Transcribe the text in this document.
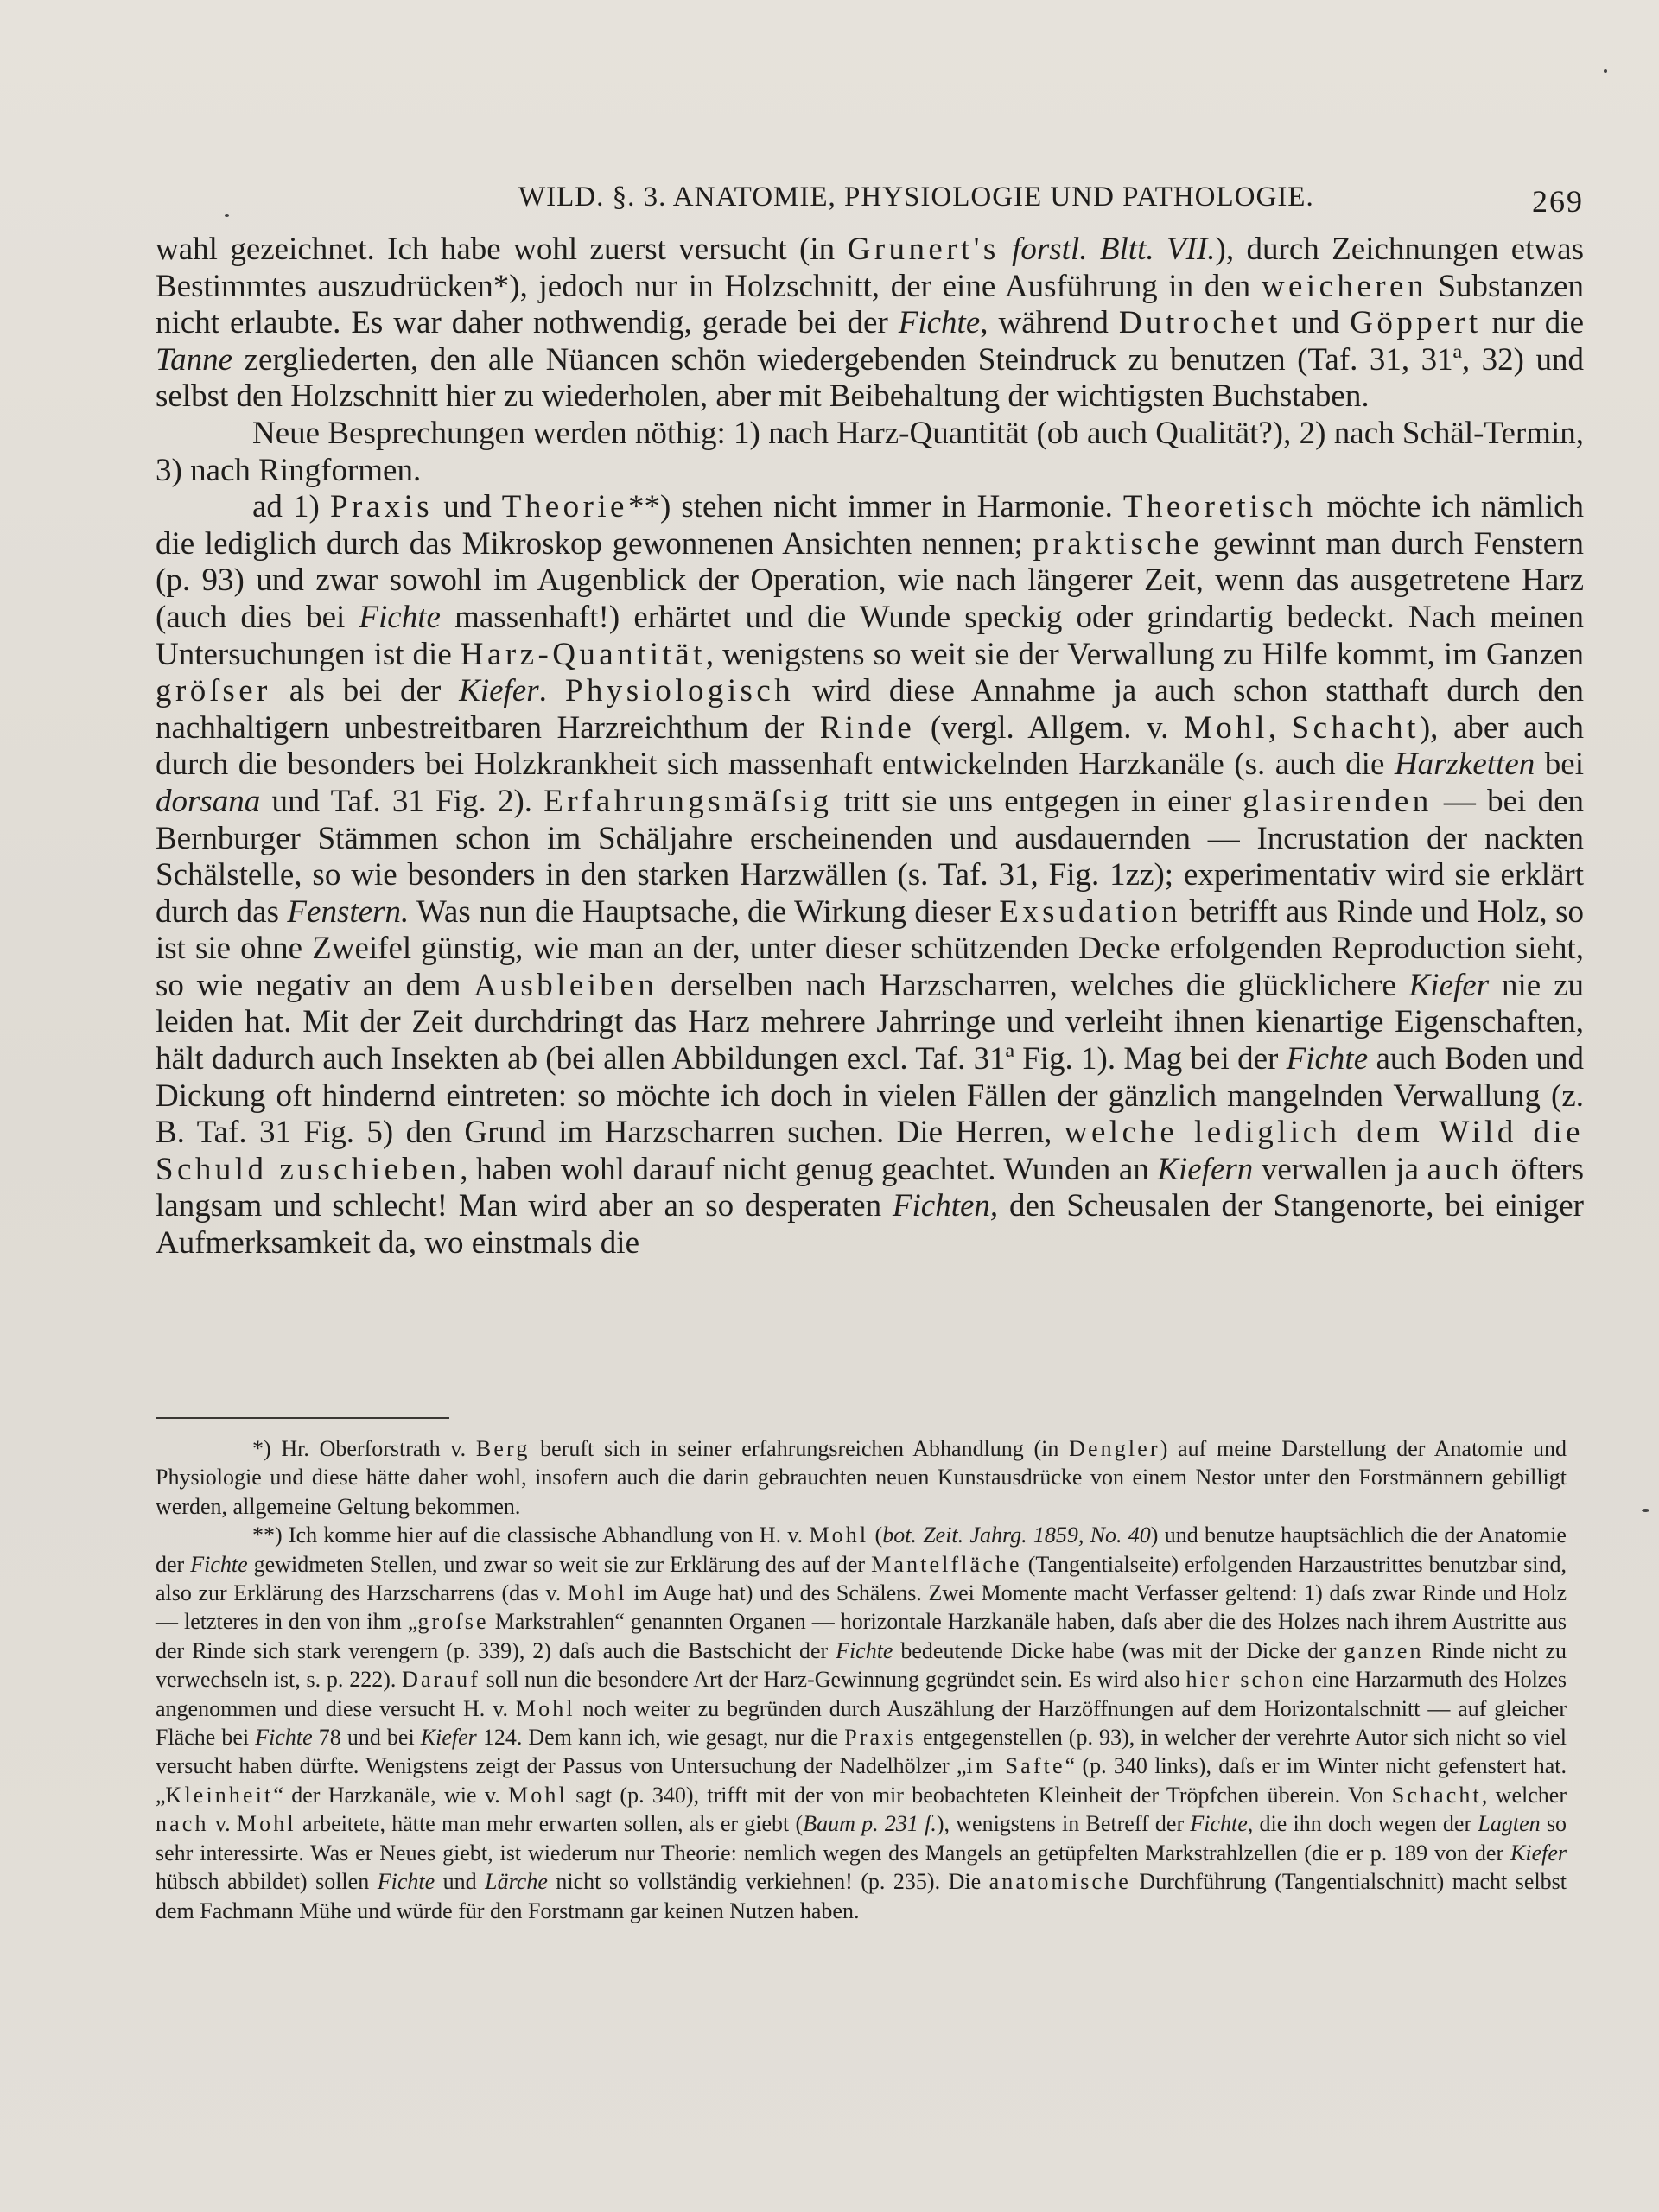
WILD. §. 3. ANATOMIE, PHYSIOLOGIE UND PATHOLOGIE.	269

wahl gezeichnet. Ich habe wohl zuerst versucht (in Grunert's forstl. Bltt. VII.), durch Zeichnungen etwas Bestimmtes auszudrücken*), jedoch nur in Holzschnitt, der eine Ausführung in den weicheren Substanzen nicht erlaubte. Es war daher nothwendig, gerade bei der Fichte, während Dutrochet und Göppert nur die Tanne zergliederten, den alle Nüancen schön wiedergebenden Steindruck zu benutzen (Taf. 31, 31ª, 32) und selbst den Holzschnitt hier zu wiederholen, aber mit Beibehaltung der wichtigsten Buchstaben.

Neue Besprechungen werden nöthig: 1) nach Harz-Quantität (ob auch Qualität?), 2) nach Schäl-Termin, 3) nach Ringformen.

ad 1) Praxis und Theorie**) stehen nicht immer in Harmonie. Theoretisch möchte ich nämlich die lediglich durch das Mikroskop gewonnenen Ansichten nennen; praktische gewinnt man durch Fenstern (p. 93) und zwar sowohl im Augenblick der Operation, wie nach längerer Zeit, wenn das ausgetretene Harz (auch dies bei Fichte massenhaft!) erhärtet und die Wunde speckig oder grindartig bedeckt. Nach meinen Untersuchungen ist die Harz-Quantität, wenigstens so weit sie der Verwallung zu Hilfe kommt, im Ganzen gröſser als bei der Kiefer. Physiologisch wird diese Annahme ja auch schon statthaft durch den nachhaltigern unbestreitbaren Harzreichthum der Rinde (vergl. Allgem. v. Mohl, Schacht), aber auch durch die besonders bei Holzkrankheit sich massenhaft entwickelnden Harzkanäle (s. auch die Harzketten bei dorsana und Taf. 31 Fig. 2). Erfahrungsmäſsig tritt sie uns entgegen in einer glasirenden — bei den Bernburger Stämmen schon im Schäljahre erscheinenden und ausdauernden — Incrustation der nackten Schälstelle, so wie besonders in den starken Harzwällen (s. Taf. 31, Fig. 1zz); experimentativ wird sie erklärt durch das Fenstern. Was nun die Hauptsache, die Wirkung dieser Exsudation betrifft aus Rinde und Holz, so ist sie ohne Zweifel günstig, wie man an der, unter dieser schützenden Decke erfolgenden Reproduction sieht, so wie negativ an dem Ausbleiben derselben nach Harzscharren, welches die glücklichere Kiefer nie zu leiden hat. Mit der Zeit durchdringt das Harz mehrere Jahrringe und verleiht ihnen kienartige Eigenschaften, hält dadurch auch Insekten ab (bei allen Abbildungen excl. Taf. 31ª Fig. 1). Mag bei der Fichte auch Boden und Dickung oft hindernd eintreten: so möchte ich doch in vielen Fällen der gänzlich mangelnden Verwallung (z. B. Taf. 31 Fig. 5) den Grund im Harzscharren suchen. Die Herren, welche lediglich dem Wild die Schuld zuschieben, haben wohl darauf nicht genug geachtet. Wunden an Kiefern verwallen ja auch öfters langsam und schlecht! Man wird aber an so desperaten Fichten, den Scheusalen der Stangenorte, bei einiger Aufmerksamkeit da, wo einstmals die

*) Hr. Oberforstrath v. Berg beruft sich in seiner erfahrungsreichen Abhandlung (in Dengler) auf meine Darstellung der Anatomie und Physiologie und diese hätte daher wohl, insofern auch die darin gebrauchten neuen Kunstausdrücke von einem Nestor unter den Forstmännern gebilligt werden, allgemeine Geltung bekommen.

**) Ich komme hier auf die classische Abhandlung von H. v. Mohl (bot. Zeit. Jahrg. 1859, No. 40) und benutze hauptsächlich die der Anatomie der Fichte gewidmeten Stellen, und zwar so weit sie zur Erklärung des auf der Mantelfläche (Tangentialseite) erfolgenden Harzaustrittes benutzbar sind, also zur Erklärung des Harzscharrens (das v. Mohl im Auge hat) und des Schälens. Zwei Momente macht Verfasser geltend: 1) daſs zwar Rinde und Holz — letzteres in den von ihm „groſse Markstrahlen“ genannten Organen — horizontale Harzkanäle haben, daſs aber die des Holzes nach ihrem Austritte aus der Rinde sich stark verengern (p. 339), 2) daſs auch die Bastschicht der Fichte bedeutende Dicke habe (was mit der Dicke der ganzen Rinde nicht zu verwechseln ist, s. p. 222). Darauf soll nun die besondere Art der Harz-Gewinnung gegründet sein. Es wird also hier schon eine Harzarmuth des Holzes angenommen und diese versucht H. v. Mohl noch weiter zu begründen durch Auszählung der Harzöffnungen auf dem Horizontalschnitt — auf gleicher Fläche bei Fichte 78 und bei Kiefer 124. Dem kann ich, wie gesagt, nur die Praxis entgegenstellen (p. 93), in welcher der verehrte Autor sich nicht so viel versucht haben dürfte. Wenigstens zeigt der Passus von Untersuchung der Nadelhölzer „im Safte“ (p. 340 links), daſs er im Winter nicht gefenstert hat. „Kleinheit“ der Harzkanäle, wie v. Mohl sagt (p. 340), trifft mit der von mir beobachteten Kleinheit der Tröpfchen überein. Von Schacht, welcher nach v. Mohl arbeitete, hätte man mehr erwarten sollen, als er giebt (Baum p. 231 f.), wenigstens in Betreff der Fichte, die ihn doch wegen der Lagten so sehr interessirte. Was er Neues giebt, ist wiederum nur Theorie: nemlich wegen des Mangels an getüpfelten Markstrahlzellen (die er p. 189 von der Kiefer hübsch abbildet) sollen Fichte und Lärche nicht so vollständig verkiehnen! (p. 235). Die anatomische Durchführung (Tangentialschnitt) macht selbst dem Fachmann Mühe und würde für den Forstmann gar keinen Nutzen haben.
